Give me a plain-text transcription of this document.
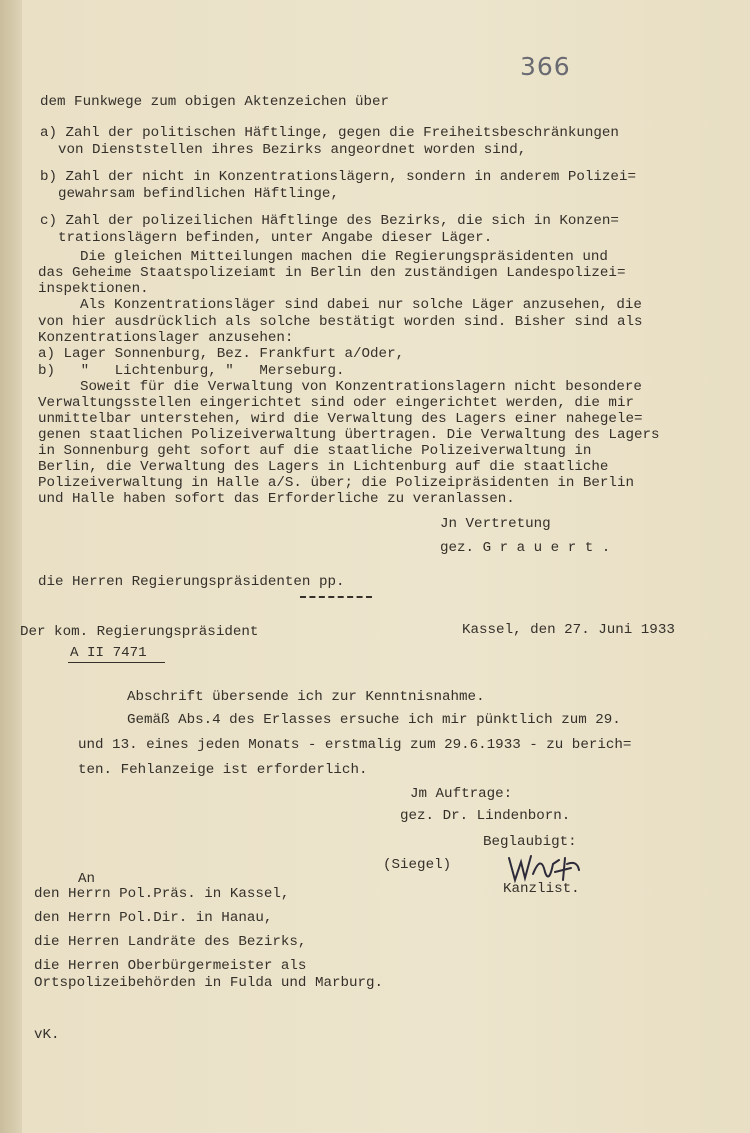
366
dem Funkwege zum obigen Aktenzeichen über
a) Zahl der politischen Häftlinge, gegen die Freiheitsbeschränkungen
von Dienststellen ihres Bezirks angeordnet worden sind,
b) Zahl der nicht in Konzentrationslägern, sondern in anderem Polizei=
gewahrsam befindlichen Häftlinge,
c) Zahl der polizeilichen Häftlinge des Bezirks, die sich in Konzen=
trationslägern befinden, unter Angabe dieser Läger.
Die gleichen Mitteilungen machen die Regierungspräsidenten und
das Geheime Staatspolizeiamt in Berlin den zuständigen Landespolizei=
inspektionen.
Als Konzentrationsläger sind dabei nur solche Läger anzusehen, die
von hier ausdrücklich als solche bestätigt worden sind. Bisher sind als
Konzentrationslager anzusehen:
a) Lager Sonnenburg, Bez. Frankfurt a/Oder,
b)   "   Lichtenburg, "   Merseburg.
Soweit für die Verwaltung von Konzentrationslagern nicht besondere
Verwaltungsstellen eingerichtet sind oder eingerichtet werden, die mir
unmittelbar unterstehen, wird die Verwaltung des Lagers einer nahegele=
genen staatlichen Polizeiverwaltung übertragen. Die Verwaltung des Lagers
in Sonnenburg geht sofort auf die staatliche Polizeiverwaltung in
Berlin, die Verwaltung des Lagers in Lichtenburg auf die staatliche
Polizeiverwaltung in Halle a/S. über; die Polizeipräsidenten in Berlin
und Halle haben sofort das Erforderliche zu veranlassen.
Jn Vertretung
gez. G r a u e r t .
die Herren Regierungspräsidenten pp.
Der kom. Regierungspräsident	Kassel, den 27. Juni 1933
A II 7471
Abschrift übersende ich zur Kenntnisnahme.
Gemäß Abs.4 des Erlasses ersuche ich mir pünktlich zum 29.
und 13. eines jeden Monats - erstmalig zum 29.6.1933 - zu berich=
ten. Fehlanzeige ist erforderlich.
Jm Auftrage:
gez. Dr. Lindenborn.
Beglaubigt:
(Siegel)
Kanzlist.
An
den Herrn Pol.Präs. in Kassel,
den Herrn Pol.Dir. in Hanau,
die Herren Landräte des Bezirks,
die Herren Oberbürgermeister als
Ortspolizeibehörden in Fulda und Marburg.
vK.
